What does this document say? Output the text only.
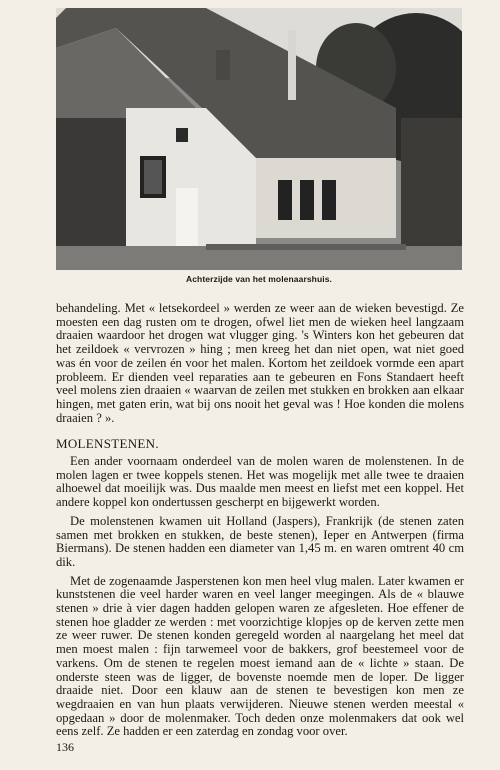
Achterzijde van het molenaarshuis.

behandeling. Met « letsekordeel » werden ze weer aan de wieken bevestigd. Ze moesten een dag rusten om te drogen, ofwel liet men de wieken heel langzaam draaien waardoor het drogen wat vlugger ging. 's Winters kon het gebeuren dat het zeildoek « vervrozen » hing ; men kreeg het dan niet open, wat niet goed was én voor de zeilen én voor het malen. Kortom het zeildoek vormde een apart probleem. Er dienden veel reparaties aan te gebeuren en Fons Standaert heeft veel molens zien draaien « waarvan de zeilen met stukken en brokken aan elkaar hingen, met gaten erin, wat bij ons nooit het geval was ! Hoe konden die molens draaien ? ».

MOLENSTENEN.

Een ander voornaam onderdeel van de molen waren de molenstenen. In de molen lagen er twee koppels stenen. Het was mogelijk met alle twee te draaien alhoewel dat moeilijk was. Dus maalde men meest en liefst met een koppel. Het andere koppel kon ondertussen gescherpt en bijgewerkt worden.

De molenstenen kwamen uit Holland (Jaspers), Frankrijk (de stenen zaten samen met brokken en stukken, de beste stenen), Ieper en Antwerpen (firma Biermans). De stenen hadden een diameter van 1,45 m. en waren omtrent 40 cm dik.

Met de zogenaamde Jasperstenen kon men heel vlug malen. Later kwamen er kunststenen die veel harder waren en veel langer meegingen. Als de « blauwe stenen » drie à vier dagen hadden gelopen waren ze afgesleten. Hoe effener de stenen hoe gladder ze werden : met voorzichtige klopjes op de kerven zette men ze weer ruwer. De stenen konden geregeld worden al naargelang het meel dat men moest malen : fijn tarwemeel voor de bakkers, grof beestemeel voor de varkens. Om de stenen te regelen moest iemand aan de « lichte » staan. De onderste steen was de ligger, de bovenste noemde men de loper. De ligger draaide niet. Door een klauw aan de stenen te bevestigen kon men ze wegdraaien en van hun plaats verwijderen. Nieuwe stenen werden meestal « opgedaan » door de molenmaker. Toch deden onze molenmakers dat ook wel eens zelf. Ze hadden er een zaterdag en zondag voor over.

136
